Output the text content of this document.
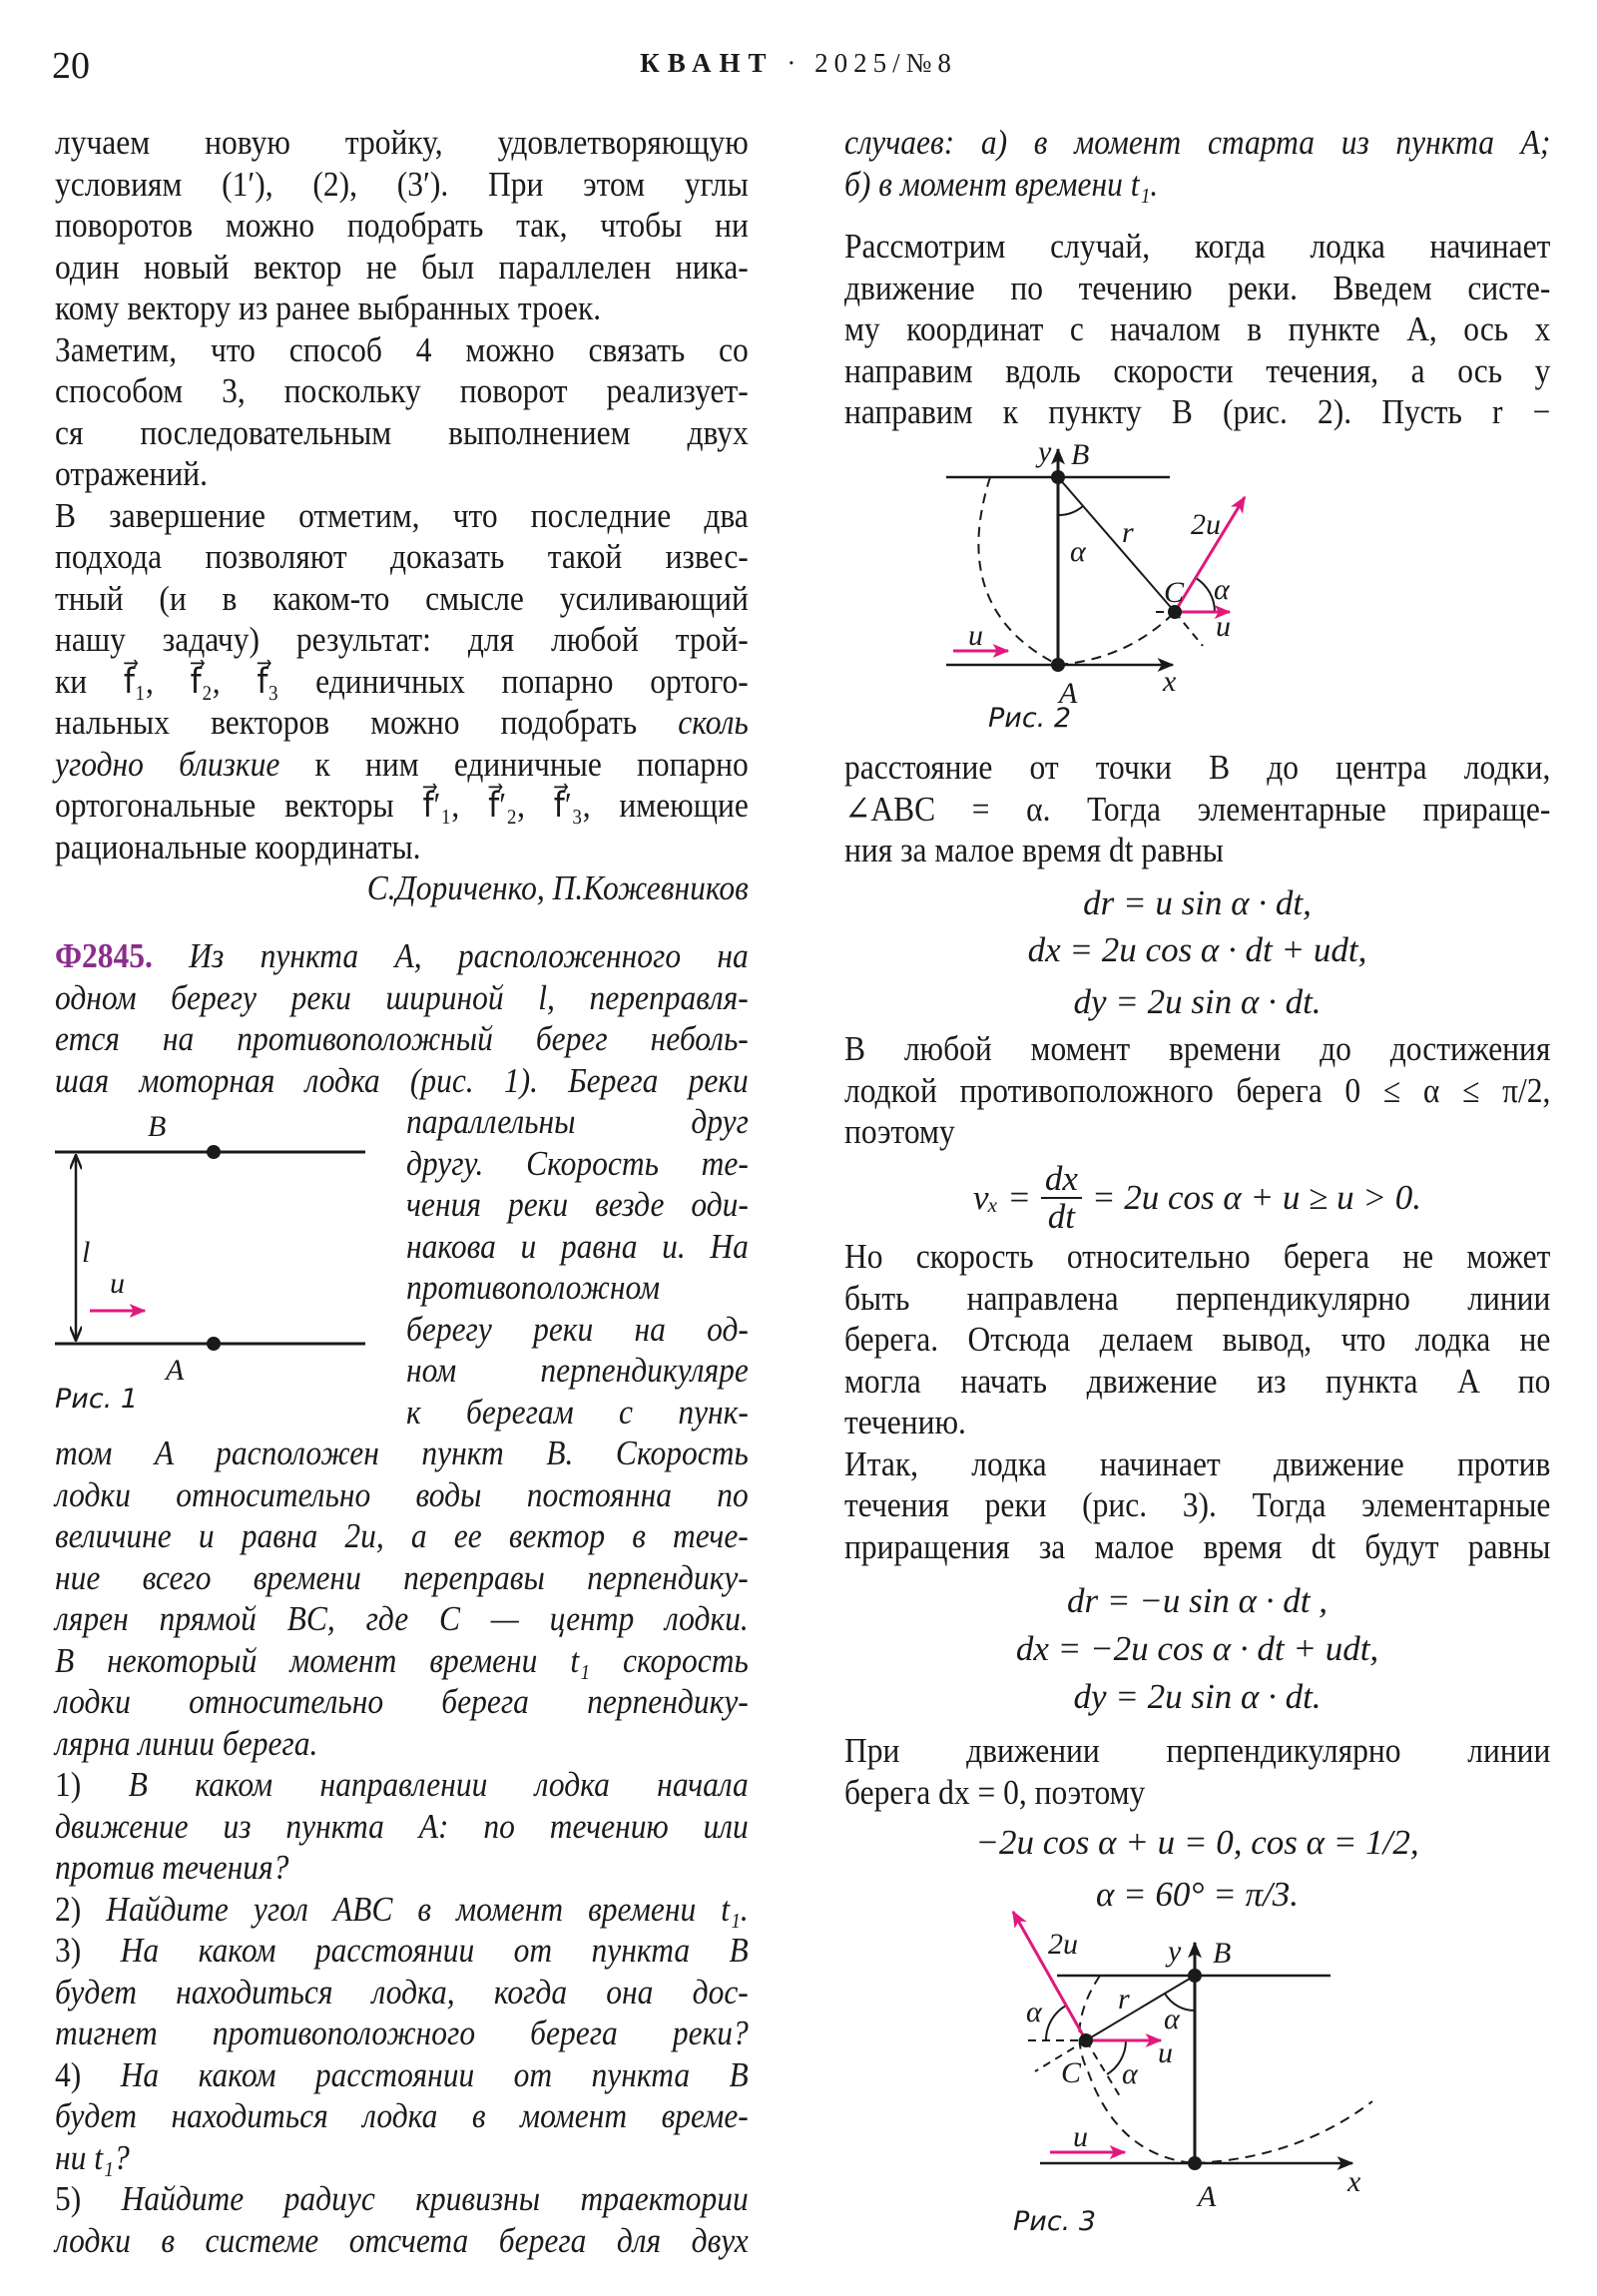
20	КВАНТ · 2025/№8
лучаем новую тройку, удовлетворяющую
условиям (1′), (2), (3′). При этом углы
поворотов можно подобрать так, чтобы ни
один новый вектор не был параллелен ника-
кому вектору из ранее выбранных троек.
Заметим, что способ 4 можно связать со
способом 3, поскольку поворот реализует-
ся последовательным выполнением двух
отражений.
В завершение отметим, что последние два
подхода позволяют доказать такой извес-
тный (и в каком-то смысле усиливающий
нашу задачу) результат: для любой трой-
ки f⃗₁, f⃗₂, f⃗₃ единичных попарно ортого-
нальных векторов можно подобрать сколь
угодно близкие к ним единичные попарно
ортогональные векторы f⃗′₁, f⃗′₂, f⃗′₃, имеющие
рациональные координаты.
С.Дориченко, П.Кожевников
Ф2845. Из пункта A, расположенного на
одном берегу реки шириной l, переправля-
ется на противоположный берег неболь-
шая моторная лодка (рис. 1). Берега реки
параллельны друг
другу. Скорость те-
чения реки везде оди-
накова и равна u. На
противоположном
берегу реки на од-
ном перпендикуляре
к берегам с пунк-
том A расположен пункт B. Скорость
лодки относительно воды постоянна по
величине и равна 2u, а ее вектор в тече-
ние всего времени переправы перпендику-
лярен прямой BC, где C — центр лодки.
В некоторый момент времени t₁ скорость
лодки относительно берега перпендику-
лярна линии берега.
1) В каком направлении лодка начала
движение из пункта A: по течению или
против течения?
2) Найдите угол ABC в момент времени t₁.
3) На каком расстоянии от пункта B
будет находиться лодка, когда она дос-
тигнет противоположного берега реки?
4) На каком расстоянии от пункта B
будет находиться лодка в момент време-
ни t₁?
5) Найдите радиус кривизны траектории
лодки в системе отсчета берега для двух
случаев: а) в момент старта из пункта A;
б) в момент времени t₁.
Рассмотрим случай, когда лодка начинает
движение по течению реки. Введем систе-
му координат с началом в пункте A, ось x
направим вдоль скорости течения, а ось y
направим к пункту B (рис. 2). Пусть r −
расстояние от точки B до центра лодки,
∠ABC = α. Тогда элементарные прираще-
ния за малое время dt равны
dr = u sin α · dt,
dx = 2u cos α · dt + udt,
dy = 2u sin α · dt.
В любой момент времени до достижения
лодкой противоположного берега 0 ≤ α ≤ π/2,
поэтому
$v_x = \frac{dx}{dt} = 2u$ cos α + u ≥ u > 0.
Но скорость относительно берега не может
быть направлена перпендикулярно линии
берега. Отсюда делаем вывод, что лодка не
могла начать движение из пункта A по
течению.
Итак, лодка начинает движение против
течения реки (рис. 3). Тогда элементарные
приращения за малое время dt будут равны
dr = −u sin α · dt ,
dx = −2u cos α · dt + udt,
dy = 2u sin α · dt.
При движении перпендикулярно линии
берега dx = 0, поэтому
−2u cos α + u = 0, cos α = 1/2,
α = 60° = π/3.
B
A
l
u
Рис. 1
y B
α
r 2u
C α
u
u
A	x
Рис. 2
2u	y B
α
r
α
u
C α
u
A	x
Рис. 3
